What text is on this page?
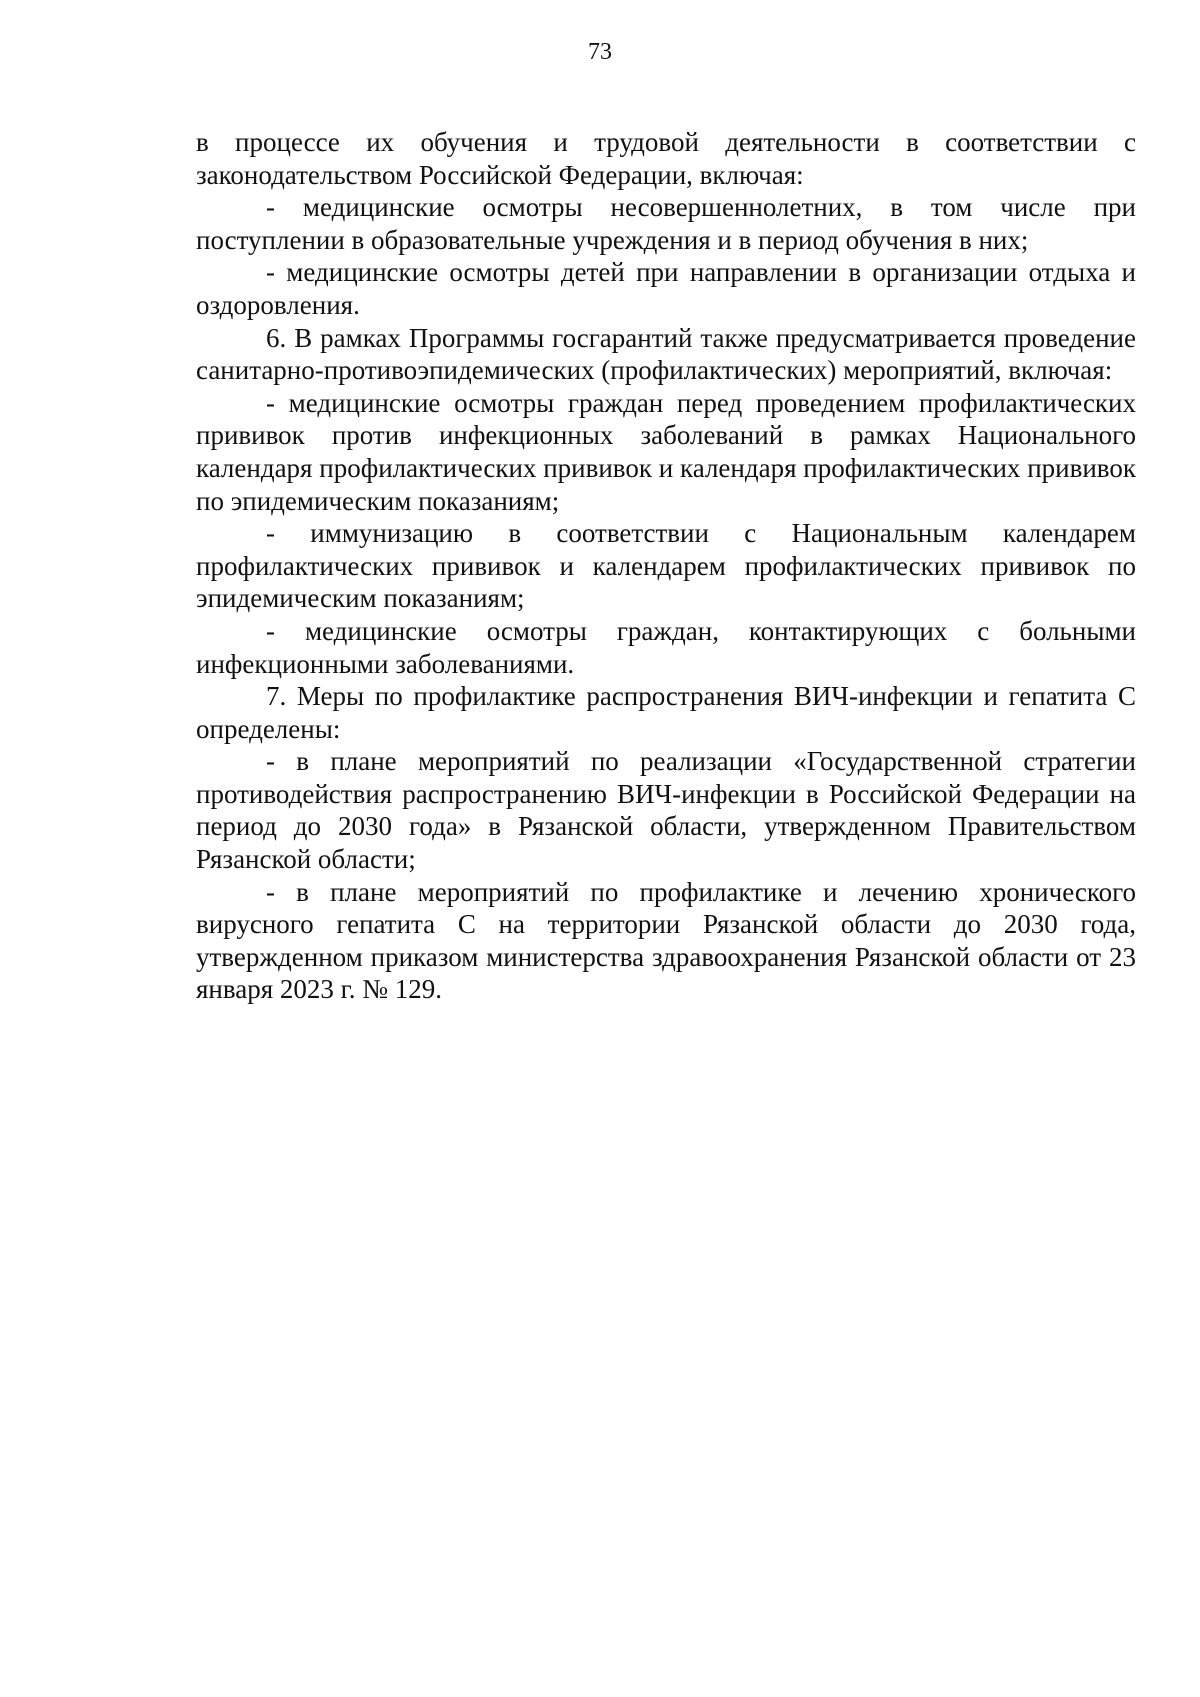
73

в процессе их обучения и трудовой деятельности в соответствии с законодательством Российской Федерации, включая:

- медицинские осмотры несовершеннолетних, в том числе при поступлении в образовательные учреждения и в период обучения в них;

- медицинские осмотры детей при направлении в организации отдыха и оздоровления.

6. В рамках Программы госгарантий также предусматривается проведение санитарно-противоэпидемических (профилактических) мероприятий, включая:

- медицинские осмотры граждан перед проведением профилактических прививок против инфекционных заболеваний в рамках Национального календаря профилактических прививок и календаря профилактических прививок по эпидемическим показаниям;

- иммунизацию в соответствии с Национальным календарем профилактических прививок и календарем профилактических прививок по эпидемическим показаниям;

- медицинские осмотры граждан, контактирующих с больными инфекционными заболеваниями.

7. Меры по профилактике распространения ВИЧ-инфекции и гепатита С определены:

- в плане мероприятий по реализации «Государственной стратегии противодействия распространению ВИЧ-инфекции в Российской Федерации на период до 2030 года» в Рязанской области, утвержденном Правительством Рязанской области;

- в плане мероприятий по профилактике и лечению хронического вирусного гепатита С на территории Рязанской области до 2030 года, утвержденном приказом министерства здравоохранения Рязанской области от 23 января 2023 г. № 129.
